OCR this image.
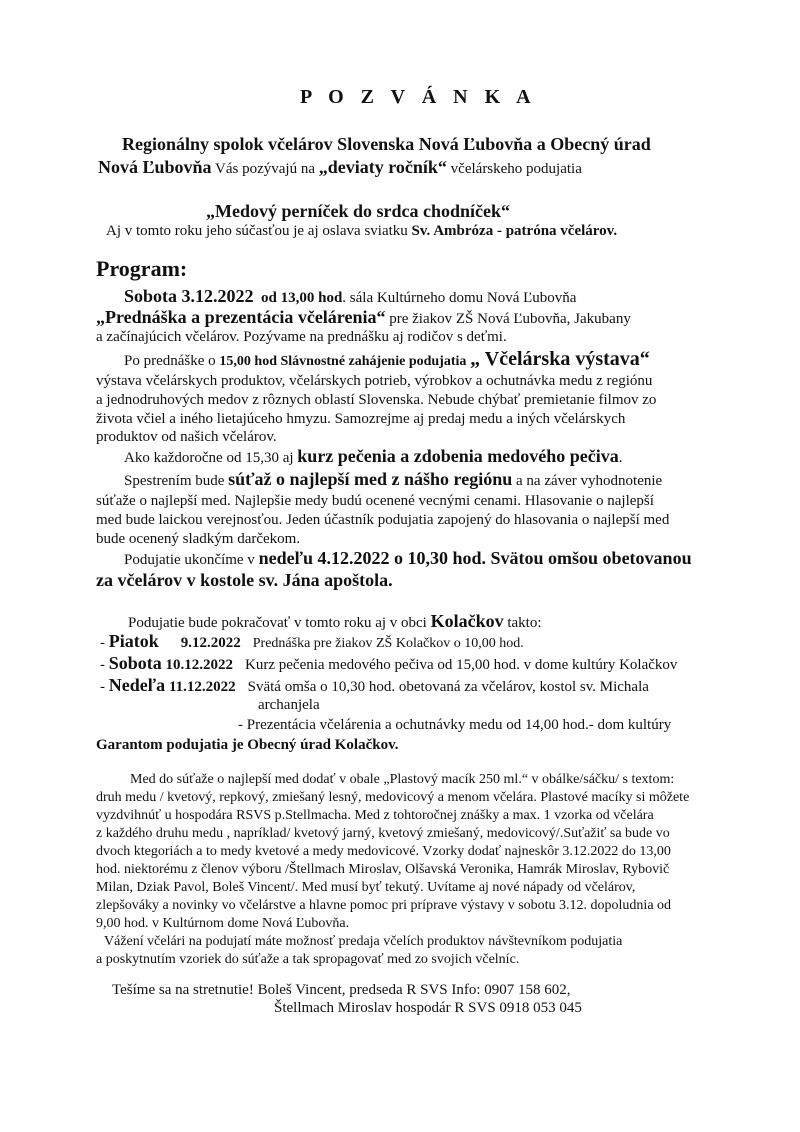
P O Z V Á N K A
Regionálny spolok včelárov Slovenska Nová Ľubovňa a Obecný úrad
Nová Ľubovňa Vás pozývajú na „deviaty ročník“ včelárskeho podujatia
„Medový perníček do srdca chodníček“
Aj v tomto roku jeho súčasťou je aj oslava sviatku Sv. Ambróza - patróna včelárov.
Program:
Sobota 3.12.2022 od 13,00 hod. sála Kultúrneho domu Nová Ľubovňa
„Prednáška a prezentácia včelárenia“ pre žiakov ZŠ Nová Ľubovňa, Jakubany
a začínajúcich včelárov. Pozývame na prednášku aj rodičov s deťmi.
Po prednáške o 15,00 hod Slávnostné zahájenie podujatia „ Včelárska výstava“
výstava včelárskych produktov, včelárskych potrieb, výrobkov a ochutnávka medu z regiónu
a jednodruhových medov z rôznych oblastí Slovenska. Nebude chýbať premietanie filmov zo
života včiel a iného lietajúceho hmyzu. Samozrejme aj predaj medu a iných včelárskych
produktov od našich včelárov.
Ako každoročne od 15,30 aj kurz pečenia a zdobenia medového pečiva.
Spestrením bude súťaž o najlepší med z nášho regiónu a na záver vyhodnotenie
súťaže o najlepší med. Najlepšie medy budú ocenené vecnými cenami. Hlasovanie o najlepší
med bude laickou verejnosťou. Jeden účastník podujatia zapojený do hlasovania o najlepší med
bude ocenený sladkým darčekom.
Podujatie ukončíme v nedeľu 4.12.2022 o 10,30 hod. Svätou omšou obetovanou
za včelárov v kostole sv. Jána apoštola.
Podujatie bude pokračovať v tomto roku aj v obci Kolačkov takto:
- Piatok 9.12.2022 Prednáška pre žiakov ZŠ Kolačkov o 10,00 hod.
- Sobota 10.12.2022 Kurz pečenia medového pečiva od 15,00 hod. v dome kultúry Kolačkov
- Nedeľa 11.12.2022 Svätá omša o 10,30 hod. obetovaná za včelárov, kostol sv. Michala
archanjela
- Prezentácia včelárenia a ochutnávky medu od 14,00 hod.- dom kultúry
Garantom podujatia je Obecný úrad Kolačkov.
Med do súťaže o najlepší med dodať v obale „Plastový macík 250 ml.“ v obálke/sáčku/ s textom:
druh medu / kvetový, repkový, zmiešaný lesný, medovicový a menom včelára. Plastové macíky si môžete
vyzdvihnúť u hospodára RSVS p.Stellmacha. Med z tohtoročnej znášky a max. 1 vzorka od včelára
z každého druhu medu , napríklad/ kvetový jarný, kvetový zmiešaný, medovicový/.Suťažiť sa bude vo
dvoch ktegoriách a to medy kvetové a medy medovicové. Vzorky dodať najneskôr 3.12.2022 do 13,00
hod. niektorému z členov výboru /Štellmach Miroslav, Olšavská Veronika, Hamrák Miroslav, Rybovič
Milan, Dziak Pavol, Boleš Vincent/. Med musí byť tekutý. Uvítame aj nové nápady od včelárov,
zlepšováky a novinky vo včelárstve a hlavne pomoc pri príprave výstavy v sobotu 3.12. dopoludnia od
9,00 hod. v Kultúrnom dome Nová Ľubovňa.
Vážení včelári na podujatí máte možnosť predaja včelích produktov návštevníkom podujatia
a poskytnutím vzoriek do súťaže a tak spropagovať med zo svojich včelníc.
Tešíme sa na stretnutie! Boleš Vincent, predseda R SVS Info: 0907 158 602,
Štellmach Miroslav hospodár R SVS 0918 053 045
